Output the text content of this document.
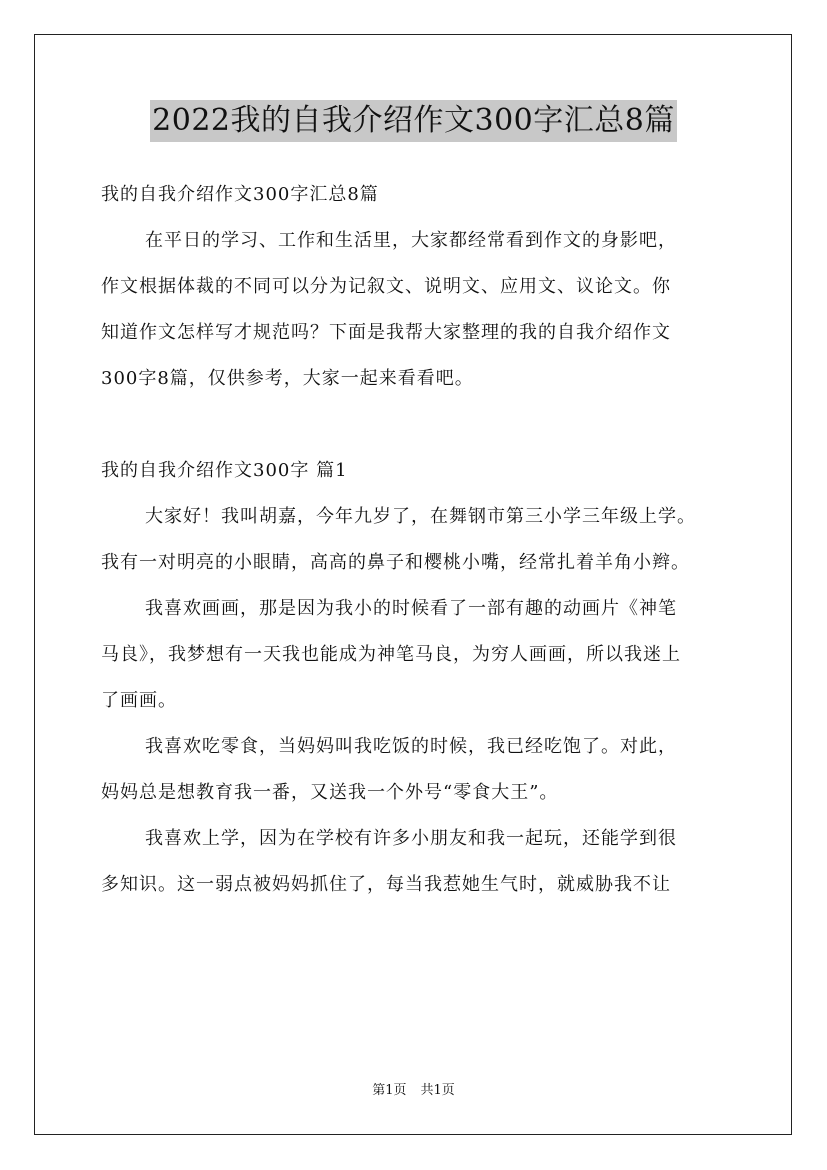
2022我的自我介绍作文300字汇总8篇
我的自我介绍作文300字汇总8篇
在平日的学习、工作和生活里，大家都经常看到作文的身影吧，
作文根据体裁的不同可以分为记叙文、说明文、应用文、议论文。你
知道作文怎样写才规范吗？下面是我帮大家整理的我的自我介绍作文
300字8篇，仅供参考，大家一起来看看吧。
我的自我介绍作文300字 篇1
大家好！我叫胡嘉，今年九岁了，在舞钢市第三小学三年级上学。
我有一对明亮的小眼睛，高高的鼻子和樱桃小嘴，经常扎着羊角小辫。
我喜欢画画，那是因为我小的时候看了一部有趣的动画片《神笔
马良》，我梦想有一天我也能成为神笔马良，为穷人画画，所以我迷上
了画画。
我喜欢吃零食，当妈妈叫我吃饭的时候，我已经吃饱了。对此，
妈妈总是想教育我一番，又送我一个外号“零食大王”。
我喜欢上学，因为在学校有许多小朋友和我一起玩，还能学到很
多知识。这一弱点被妈妈抓住了，每当我惹她生气时，就威胁我不让
第1页 共1页
